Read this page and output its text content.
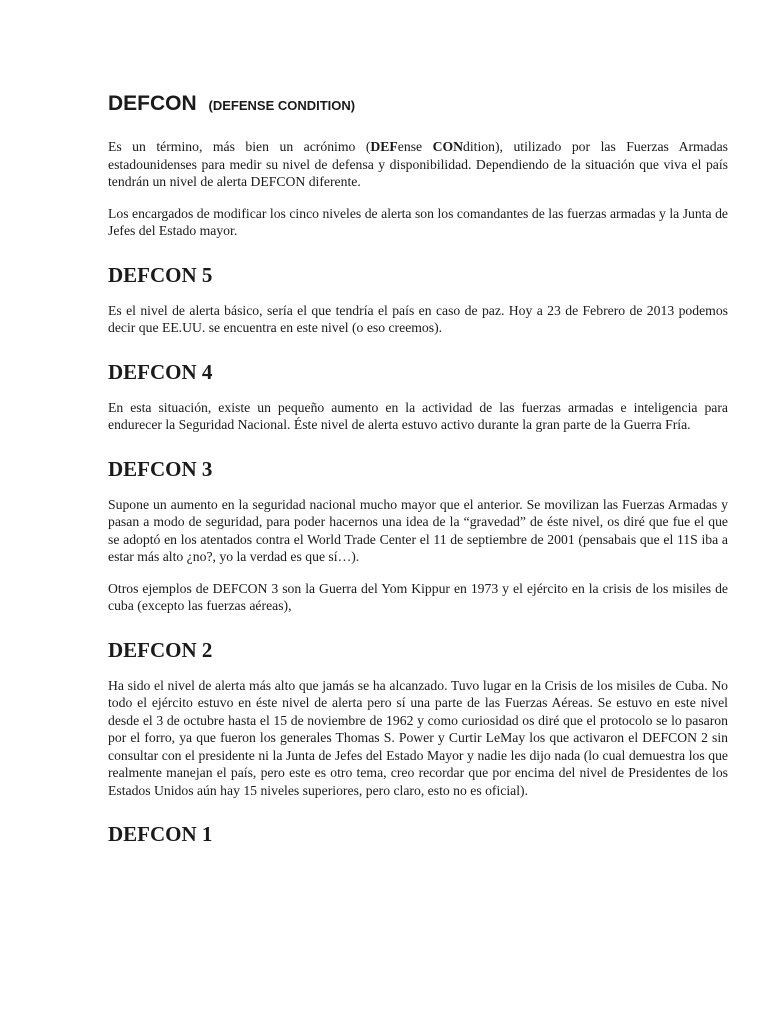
DEFCON (DEFENSE CONDITION)

Es un término, más bien un acrónimo (DEFense CONdition), utilizado por las Fuerzas Armadas estadounidenses para medir su nivel de defensa y disponibilidad. Dependiendo de la situación que viva el país tendrán un nivel de alerta DEFCON diferente.

Los encargados de modificar los cinco niveles de alerta son los comandantes de las fuerzas armadas y la Junta de Jefes del Estado mayor.

DEFCON 5

Es el nivel de alerta básico, sería el que tendría el país en caso de paz. Hoy a 23 de Febrero de 2013 podemos decir que EE.UU. se encuentra en este nivel (o eso creemos).

DEFCON 4

En esta situación, existe un pequeño aumento en la actividad de las fuerzas armadas e inteligencia para endurecer la Seguridad Nacional. Éste nivel de alerta estuvo activo durante la gran parte de la Guerra Fría.

DEFCON 3

Supone un aumento en la seguridad nacional mucho mayor que el anterior. Se movilizan las Fuerzas Armadas y pasan a modo de seguridad, para poder hacernos una idea de la “gravedad” de éste nivel, os diré que fue el que se adoptó en los atentados contra el World Trade Center el 11 de septiembre de 2001 (pensabais que el 11S iba a estar más alto ¿no?, yo la verdad es que sí…).

Otros ejemplos de DEFCON 3 son la Guerra del Yom Kippur en 1973 y el ejército en la crisis de los misiles de cuba (excepto las fuerzas aéreas),

DEFCON 2

Ha sido el nivel de alerta más alto que jamás se ha alcanzado. Tuvo lugar en la Crisis de los misiles de Cuba. No todo el ejército estuvo en éste nivel de alerta pero sí una parte de las Fuerzas Aéreas. Se estuvo en este nivel desde el 3 de octubre hasta el 15 de noviembre de 1962 y como curiosidad os diré que el protocolo se lo pasaron por el forro, ya que fueron los generales Thomas S. Power y Curtir LeMay los que activaron el DEFCON 2 sin consultar con el presidente ni la Junta de Jefes del Estado Mayor y nadie les dijo nada (lo cual demuestra los que realmente manejan el país, pero este es otro tema, creo recordar que por encima del nivel de Presidentes de los Estados Unidos aún hay 15 niveles superiores, pero claro, esto no es oficial).

DEFCON 1
